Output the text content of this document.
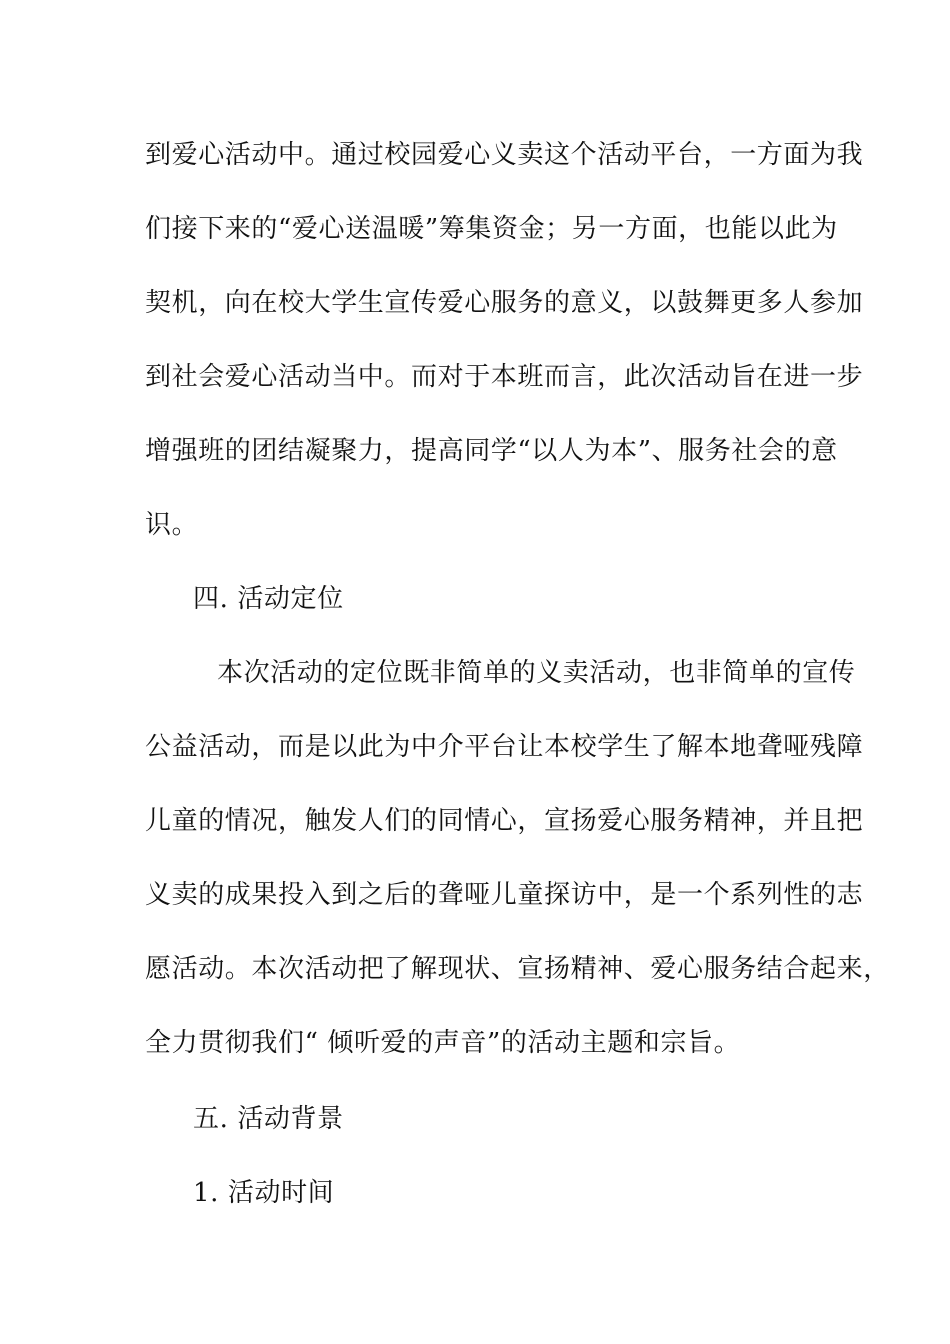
到爱心活动中。通过校园爱心义卖这个活动平台，一方面为我
们接下来的“爱心送温暖”筹集资金；另一方面，也能以此为
契机，向在校大学生宣传爱心服务的意义，以鼓舞更多人参加
到社会爱心活动当中。而对于本班而言，此次活动旨在进一步
增强班的团结凝聚力，提高同学“以人为本”、服务社会的意
识。
四. 活动定位
本次活动的定位既非简单的义卖活动，也非简单的宣传
公益活动，而是以此为中介平台让本校学生了解本地聋哑残障
儿童的情况，触发人们的同情心，宣扬爱心服务精神，并且把
义卖的成果投入到之后的聋哑儿童探访中，是一个系列性的志
愿活动。本次活动把了解现状、宣扬精神、爱心服务结合起来，
全力贯彻我们“ 倾听爱的声音”的活动主题和宗旨。
五. 活动背景
1. 活动时间
